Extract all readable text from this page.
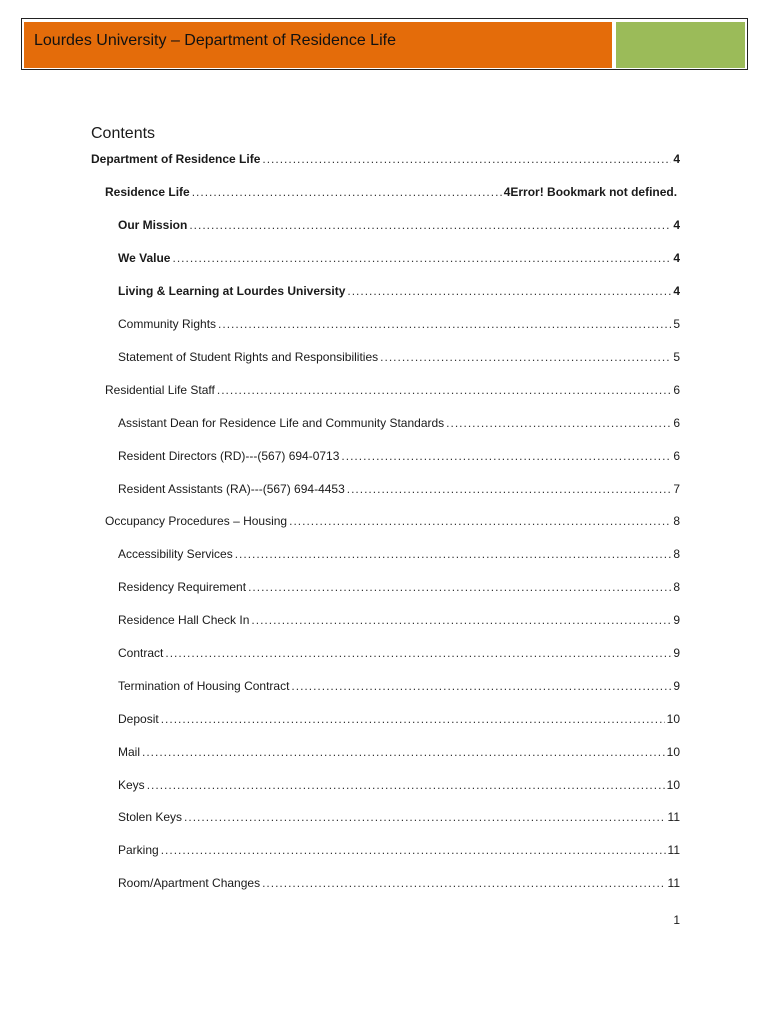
Lourdes University – Department of Residence Life
Contents
Department of Residence Life .....	4
Residence Life .....	4Error! Bookmark not defined.
Our Mission .....	4
We Value .....	4
Living & Learning at Lourdes University .....	4
Community Rights .....	5
Statement of Student Rights and Responsibilities .....	5
Residential Life Staff .....	6
Assistant Dean for Residence Life and Community Standards .....	6
Resident Directors (RD)---(567) 694-0713 .....	6
Resident Assistants (RA)---(567) 694-4453 .....	7
Occupancy Procedures – Housing .....	8
Accessibility Services .....	8
Residency Requirement .....	8
Residence Hall Check In .....	9
Contract .....	9
Termination of Housing Contract .....	9
Deposit .....	10
Mail .....	10
Keys .....	10
Stolen Keys .....	11
Parking .....	11
Room/Apartment Changes .....	11
1
